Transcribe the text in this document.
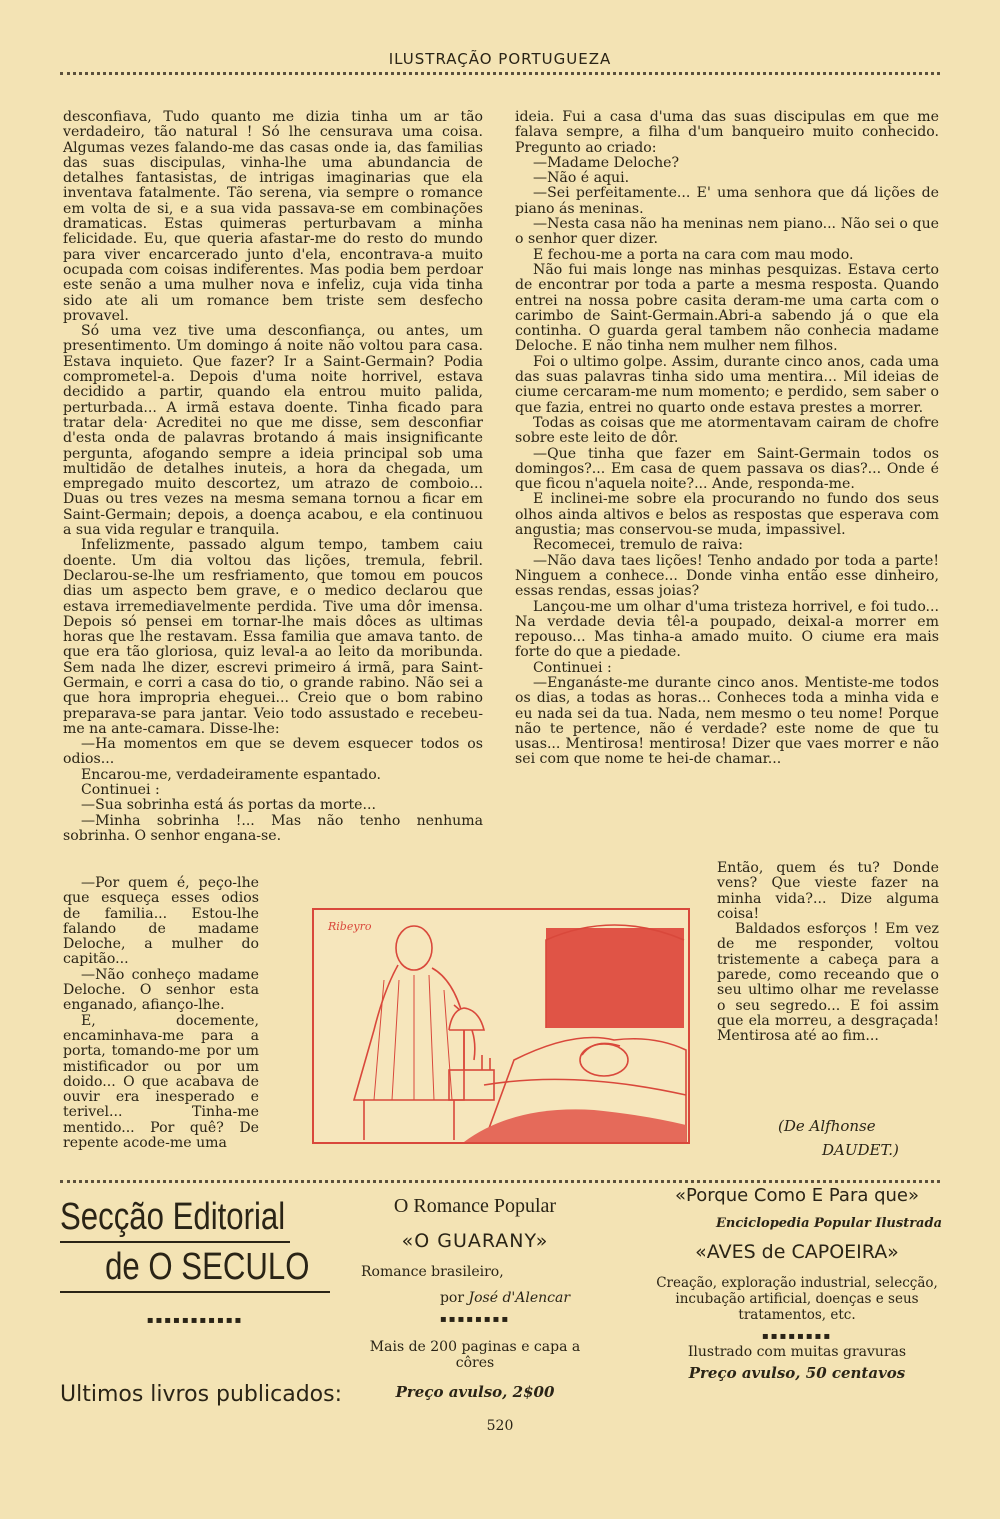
ILUSTRAÇÃO PORTUGUEZA

desconfiava, Tudo quanto me dizia tinha um ar tão verdadeiro, tão natural ! Só lhe censurava uma coisa. Algumas vezes falando-me das casas onde ia, das familias das suas discipulas, vinha-lhe uma abundancia de detalhes fantasistas, de intrigas imaginarias que ela inventava fatalmente. Tão serena, via sempre o romance em volta de si, e a sua vida passava-se em combinações dramaticas. Estas quimeras perturbavam a minha felicidade. Eu, que queria afastar-me do resto do mundo para viver encarcerado junto d'ela, encontrava-a muito ocupada com coisas indiferentes. Mas podia bem perdoar este senão a uma mulher nova e infeliz, cuja vida tinha sido ate ali um romance bem triste sem desfecho provavel.

Só uma vez tive uma desconfiança, ou antes, um presentimento. Um domingo á noite não voltou para casa. Estava inquieto. Que fazer? Ir a Saint-Germain? Podia comprometel-a. Depois d'uma noite horrivel, estava decidido a partir, quando ela entrou muito palida, perturbada... A irmã estava doente. Tinha ficado para tratar dela· Acreditei no que me disse, sem desconfiar d'esta onda de palavras brotando á mais insignificante pergunta, afogando sempre a ideia principal sob uma multidão de detalhes inuteis, a hora da chegada, um empregado muito descortez, um atrazo de comboio... Duas ou tres vezes na mesma semana tornou a ficar em Saint-Germain; depois, a doença acabou, e ela continuou a sua vida regular e tranquila.

Infelizmente, passado algum tempo, tambem caiu doente. Um dia voltou das lições, tremula, febril. Declarou-se-lhe um resfriamento, que tomou em poucos dias um aspecto bem grave, e o medico declarou que estava irremediavelmente perdida. Tive uma dôr imensa. Depois só pensei em tornar-lhe mais dôces as ultimas horas que lhe restavam. Essa familia que amava tanto. de que era tão gloriosa, quiz leval-a ao leito da moribunda. Sem nada lhe dizer, escrevi primeiro á irmã, para Saint-Germain, e corri a casa do tio, o grande rabino. Não sei a que hora impropria eheguei... Creio que o bom rabino preparava-se para jantar. Veio todo assustado e recebeu-me na ante-camara. Disse-lhe:

—Ha momentos em que se devem esquecer todos os odios...

Encarou-me, verdadeiramente espantado.

Continuei :

—Sua sobrinha está ás portas da morte...

—Minha sobrinha !... Mas não tenho nenhuma sobrinha. O senhor engana-se.

—Por quem é, peço-lhe que esqueça esses odios de familia... Estou-lhe falando de madame Deloche, a mulher do capitão...

—Não conheço madame Deloche. O senhor esta enganado, afianço-lhe.

E, docemente, encaminhava-me para a porta, tomando-me por um mistificador ou por um doido... O que acabava de ouvir era inesperado e terivel... Tinha-me mentido... Por quê? De repente acode-me uma

ideia. Fui a casa d'uma das suas discipulas em que me falava sempre, a filha d'um banqueiro muito conhecido. Pregunto ao criado:

—Madame Deloche?

—Não é aqui.

—Sei perfeitamente... E' uma senhora que dá lições de piano ás meninas.

—Nesta casa não ha meninas nem piano... Não sei o que o senhor quer dizer.

E fechou-me a porta na cara com mau modo.

Não fui mais longe nas minhas pesquizas. Estava certo de encontrar por toda a parte a mesma resposta. Quando entrei na nossa pobre casita deram-me uma carta com o carimbo de Saint-Germain.Abri-a sabendo já o que ela continha. O guarda geral tambem não conhecia madame Deloche. E não tinha nem mulher nem filhos.

Foi o ultimo golpe. Assim, durante cinco anos, cada uma das suas palavras tinha sido uma mentira... Mil ideias de ciume cercaram-me num momento; e perdido, sem saber o que fazia, entrei no quarto onde estava prestes a morrer.

Todas as coisas que me atormentavam cairam de chofre sobre este leito de dôr.

—Que tinha que fazer em Saint-Germain todos os domingos?... Em casa de quem passava os dias?... Onde é que ficou n'aquela noite?... Ande, responda-me.

E inclinei-me sobre ela procurando no fundo dos seus olhos ainda altivos e belos as respostas que esperava com angustia; mas conservou-se muda, impassivel.

Recomecei, tremulo de raiva:

—Não dava taes lições! Tenho andado por toda a parte! Ninguem a conhece... Donde vinha então esse dinheiro, essas rendas, essas joias?

Lançou-me um olhar d'uma tristeza horrivel, e foi tudo... Na verdade devia têl-a poupado, deixal-a morrer em repouso... Mas tinha-a amado muito. O ciume era mais forte do que a piedade.

Continuei :

—Enganáste-me durante cinco anos. Mentiste-me todos os dias, a todas as horas... Conheces toda a minha vida e eu nada sei da tua. Nada, nem mesmo o teu nome! Porque não te pertence, não é verdade? este nome de que tu usas... Mentirosa! mentirosa! Dizer que vaes morrer e não sei com que nome te hei-de chamar...

Então, quem és tu? Donde vens? Que vieste fazer na minha vida?... Dize alguma coisa!

Baldados esforços ! Em vez de me responder, voltou tristemente a cabeça para a parede, como receando que o seu ultimo olhar me revelasse o seu segredo... E foi assim que ela morreu, a desgraçada! Mentirosa até ao fim...

(De Alfhonse
DAUDET.)
Ribeyro
Secção Editorial
de O SECULO
▪▪▪▪▪▪▪▪▪▪▪
Ultimos livros publicados:
O Romance Popular
«O GUARANY»
Romance brasileiro,
por José d'Alencar
▪▪▪▪▪▪▪▪
Mais de 200 paginas e capa a côres
Preço avulso, 2$00
«Porque Como E Para que»
Enciclopedia Popular Ilustrada
«AVES de CAPOEIRA»
Creação, exploração industrial, selecção, incubação artificial, doenças e seus tratamentos, etc.
▪▪▪▪▪▪▪▪
Ilustrado com muitas gravuras
Preço avulso, 50 centavos
520
